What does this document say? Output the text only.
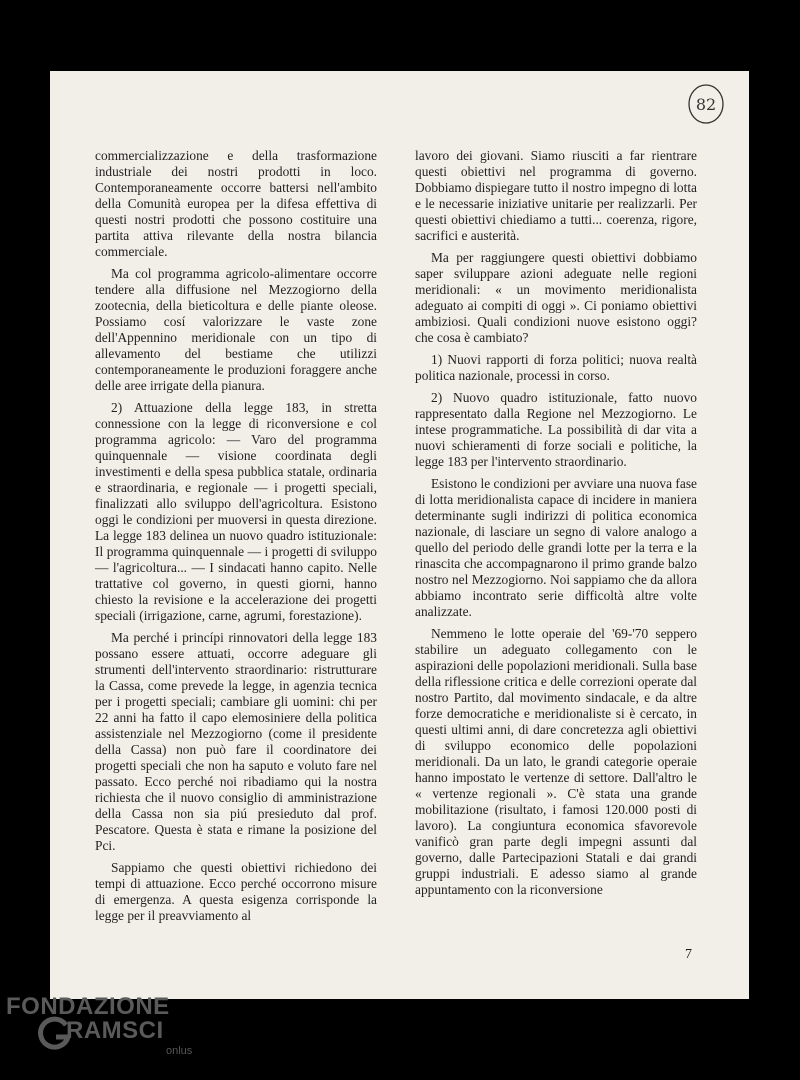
82

commercializzazione e della trasformazione industriale dei nostri prodotti in loco. Contemporaneamente occorre battersi nell'ambito della Comunità europea per la difesa effettiva di questi nostri prodotti che possono costituire una partita attiva rilevante della nostra bilancia commerciale.

Ma col programma agricolo-alimentare occorre tendere alla diffusione nel Mezzogiorno della zootecnia, della bieticoltura e delle piante oleose. Possiamo cosí valorizzare le vaste zone dell'Appennino meridionale con un tipo di allevamento del bestiame che utilizzi contemporaneamente le produzioni foraggere anche delle aree irrigate della pianura.

2) Attuazione della legge 183, in stretta connessione con la legge di riconversione e col programma agricolo: — Varo del programma quinquennale — visione coordinata degli investimenti e della spesa pubblica statale, ordinaria e straordinaria, e regionale — i progetti speciali, finalizzati allo sviluppo dell'agricoltura. Esistono oggi le condizioni per muoversi in questa direzione. La legge 183 delinea un nuovo quadro istituzionale: Il programma quinquennale — i progetti di sviluppo — l'agricoltura... — I sindacati hanno capito. Nelle trattative col governo, in questi giorni, hanno chiesto la revisione e la accelerazione dei progetti speciali (irrigazione, carne, agrumi, forestazione).

Ma perché i princípi rinnovatori della legge 183 possano essere attuati, occorre adeguare gli strumenti dell'intervento straordinario: ristrutturare la Cassa, come prevede la legge, in agenzia tecnica per i progetti speciali; cambiare gli uomini: chi per 22 anni ha fatto il capo elemosiniere della politica assistenziale nel Mezzogiorno (come il presidente della Cassa) non può fare il coordinatore dei progetti speciali che non ha saputo e voluto fare nel passato. Ecco perché noi ribadiamo qui la nostra richiesta che il nuovo consiglio di amministrazione della Cassa non sia piú presieduto dal prof. Pescatore. Questa è stata e rimane la posizione del Pci.

Sappiamo che questi obiettivi richiedono dei tempi di attuazione. Ecco perché occorrono misure di emergenza. A questa esigenza corrisponde la legge per il preavviamento al

lavoro dei giovani. Siamo riusciti a far rientrare questi obiettivi nel programma di governo. Dobbiamo dispiegare tutto il nostro impegno di lotta e le necessarie iniziative unitarie per realizzarli. Per questi obiettivi chiediamo a tutti... coerenza, rigore, sacrifici e austerità.

Ma per raggiungere questi obiettivi dobbiamo saper sviluppare azioni adeguate nelle regioni meridionali: « un movimento meridionalista adeguato ai compiti di oggi ». Ci poniamo obiettivi ambiziosi. Quali condizioni nuove esistono oggi? che cosa è cambiato?

1) Nuovi rapporti di forza politici; nuova realtà politica nazionale, processi in corso.

2) Nuovo quadro istituzionale, fatto nuovo rappresentato dalla Regione nel Mezzogiorno. Le intese programmatiche. La possibilità di dar vita a nuovi schieramenti di forze sociali e politiche, la legge 183 per l'intervento straordinario.

Esistono le condizioni per avviare una nuova fase di lotta meridionalista capace di incidere in maniera determinante sugli indirizzi di politica economica nazionale, di lasciare un segno di valore analogo a quello del periodo delle grandi lotte per la terra e la rinascita che accompagnarono il primo grande balzo nostro nel Mezzogiorno. Noi sappiamo che da allora abbiamo incontrato serie difficoltà altre volte analizzate.

Nemmeno le lotte operaie del '69-'70 seppero stabilire un adeguato collegamento con le aspirazioni delle popolazioni meridionali. Sulla base della riflessione critica e delle correzioni operate dal nostro Partito, dal movimento sindacale, e da altre forze democratiche e meridionaliste si è cercato, in questi ultimi anni, di dare concretezza agli obiettivi di sviluppo economico delle popolazioni meridionali. Da un lato, le grandi categorie operaie hanno impostato le vertenze di settore. Dall'altro le « vertenze regionali ». C'è stata una grande mobilitazione (risultato, i famosi 120.000 posti di lavoro). La congiuntura economica sfavorevole vanificò gran parte degli impegni assunti dal governo, dalle Partecipazioni Statali e dai grandi gruppi industriali. E adesso siamo al grande appuntamento con la riconversione

7
FONDAZIONE
RAMSCI
onlus
